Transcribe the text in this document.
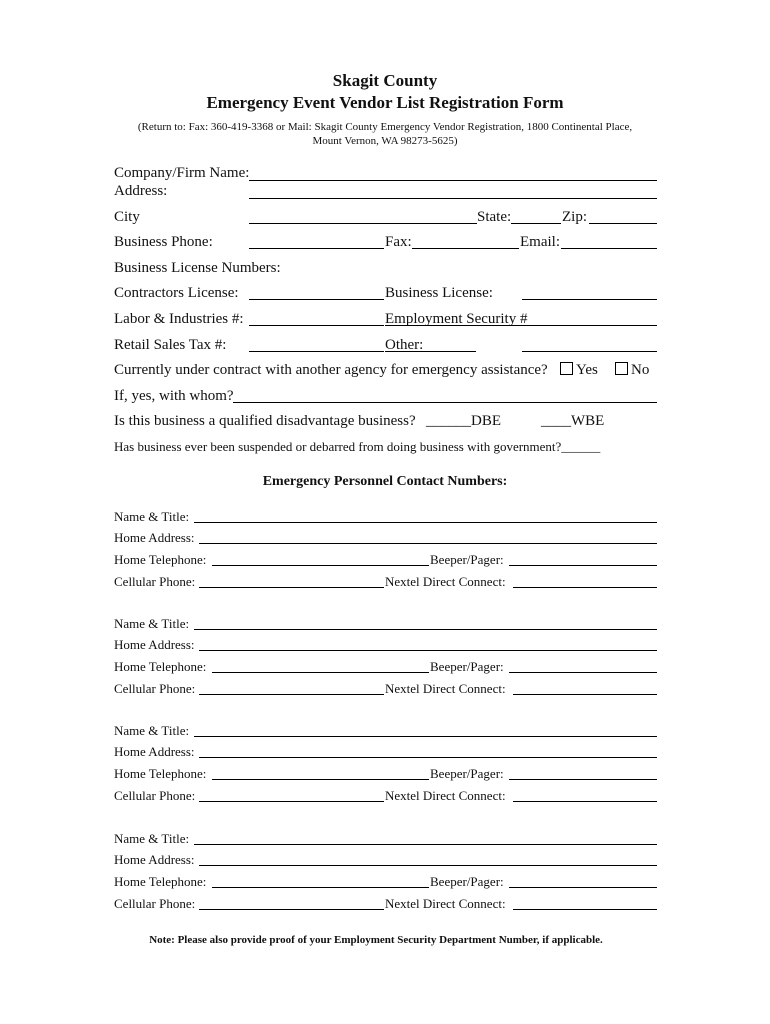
Skagit County
Emergency Event Vendor List Registration Form
(Return to: Fax: 360-419-3368 or Mail: Skagit County Emergency Vendor Registration, 1800 Continental Place,
Mount Vernon, WA 98273-5625)
Company/Firm Name:
Address:
City	State:	Zip:
Business Phone:	Fax:	Email:
Business License Numbers:
Contractors License:	Business License:
Labor & Industries #:	Employment Security #
Retail Sales Tax #:	Other:
Currently under contract with another agency for emergency assistance? Yes No
If, yes, with whom?
Is this business a qualified disadvantage business? ______DBE	____WBE
Has business ever been suspended or debarred from doing business with government?______
Emergency Personnel Contact Numbers:
Name & Title:
Home Address:
Home Telephone:	Beeper/Pager:
Cellular Phone:	Nextel Direct Connect:
Name & Title:
Home Address:
Home Telephone:	Beeper/Pager:
Cellular Phone:	Nextel Direct Connect:
Name & Title:
Home Address:
Home Telephone:	Beeper/Pager:
Cellular Phone:	Nextel Direct Connect:
Name & Title:
Home Address:
Home Telephone:	Beeper/Pager:
Cellular Phone:	Nextel Direct Connect:
Note: Please also provide proof of your Employment Security Department Number, if applicable.
